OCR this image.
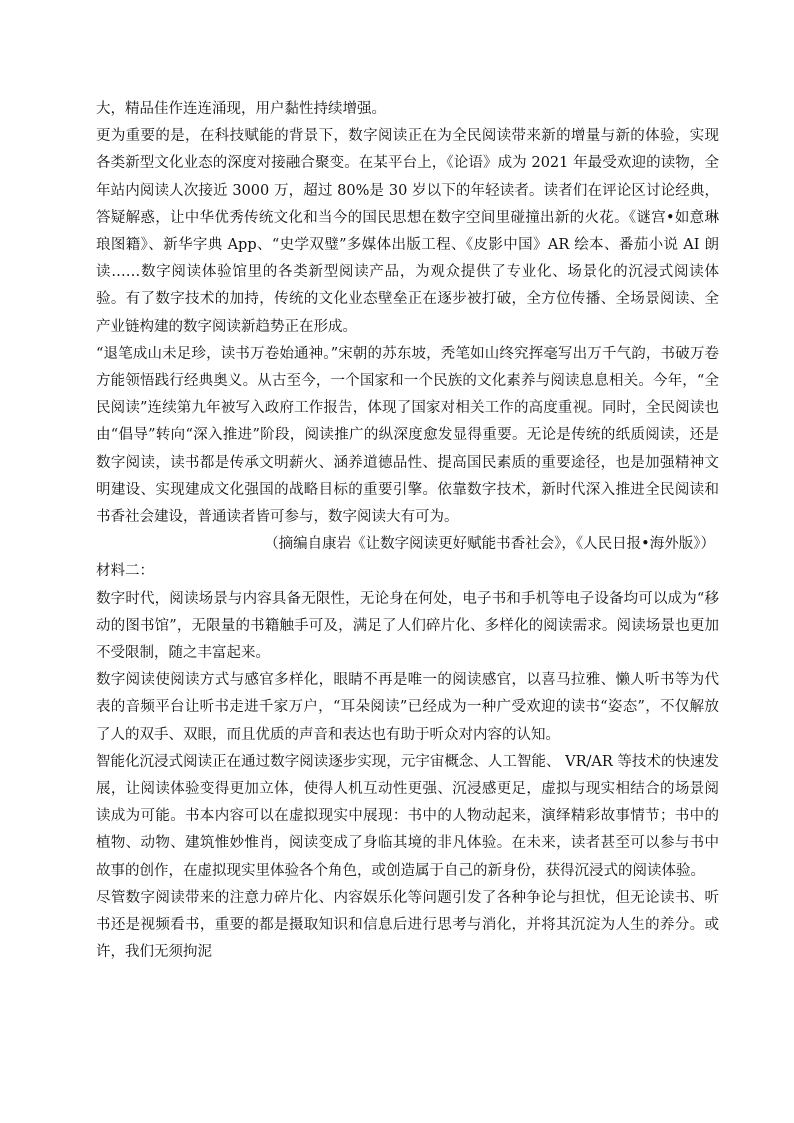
大，精品佳作连连涌现，用户黏性持续增强。

更为重要的是，在科技赋能的背景下，数字阅读正在为全民阅读带来新的增量与新的体验，实现各类新型文化业态的深度对接融合聚变。在某平台上，《论语》成为 2021 年最受欢迎的读物，全年站内阅读人次接近 3000 万，超过 80%是 30 岁以下的年轻读者。读者们在评论区讨论经典，答疑解惑，让中华优秀传统文化和当今的国民思想在数字空间里碰撞出新的火花。《谜宫•如意琳琅图籍》、新华字典 App、“史学双璧”多媒体出版工程、《皮影中国》AR 绘本、番茄小说 AI 朗读……数字阅读体验馆里的各类新型阅读产品，为观众提供了专业化、场景化的沉浸式阅读体验。有了数字技术的加持，传统的文化业态壁垒正在逐步被打破，全方位传播、全场景阅读、全产业链构建的数字阅读新趋势正在形成。

“退笔成山未足珍，读书万卷始通神。”宋朝的苏东坡，秃笔如山终究挥毫写出万千气韵，书破万卷方能领悟践行经典奥义。从古至今，一个国家和一个民族的文化素养与阅读息息相关。今年，“全民阅读”连续第九年被写入政府工作报告，体现了国家对相关工作的高度重视。同时，全民阅读也由“倡导”转向“深入推进”阶段，阅读推广的纵深度愈发显得重要。无论是传统的纸质阅读，还是数字阅读，读书都是传承文明薪火、涵养道德品性、提高国民素质的重要途径，也是加强精神文明建设、实现建成文化强国的战略目标的重要引擎。依靠数字技术，新时代深入推进全民阅读和书香社会建设，普通读者皆可参与，数字阅读大有可为。

（摘编自康岩《让数字阅读更好赋能书香社会》，《人民日报•海外版》）

材料二：

数字时代，阅读场景与内容具备无限性，无论身在何处，电子书和手机等电子设备均可以成为“移动的图书馆”，无限量的书籍触手可及，满足了人们碎片化、多样化的阅读需求。阅读场景也更加不受限制，随之丰富起来。

数字阅读使阅读方式与感官多样化，眼睛不再是唯一的阅读感官，以喜马拉雅、懒人听书等为代表的音频平台让听书走进千家万户，“耳朵阅读”已经成为一种广受欢迎的读书“姿态”，不仅解放了人的双手、双眼，而且优质的声音和表达也有助于听众对内容的认知。

智能化沉浸式阅读正在通过数字阅读逐步实现，元宇宙概念、人工智能、 VR/AR 等技术的快速发展，让阅读体验变得更加立体，使得人机互动性更强、沉浸感更足，虚拟与现实相结合的场景阅读成为可能。书本内容可以在虚拟现实中展现：书中的人物动起来，演绎精彩故事情节；书中的植物、动物、建筑惟妙惟肖，阅读变成了身临其境的非凡体验。在未来，读者甚至可以参与书中故事的创作，在虚拟现实里体验各个角色，或创造属于自己的新身份，获得沉浸式的阅读体验。

尽管数字阅读带来的注意力碎片化、内容娱乐化等问题引发了各种争论与担忧，但无论读书、听书还是视频看书，重要的都是摄取知识和信息后进行思考与消化，并将其沉淀为人生的养分。或许，我们无须拘泥
